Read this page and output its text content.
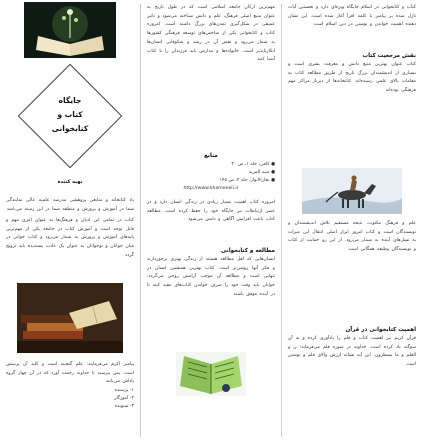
کتاب و کتابخوانی در اسلام جایگاه ویژه‌ای دارد و نخستین آیات نازل شده بر پیامبر با کلمه اقرأ آغاز شده است. این نشان دهنده اهمیت خواندن و نوشتن در دین اسلام است

نقش مرجعیت کتاب

کتاب عنوان بهترین منبع دانش و معرفت بشری است و بسیاری از اندیشمندان بزرگ تاریخ از طریق مطالعه کتاب به مقامات بالای علمی رسیده‌اند. کتابخانه‌ها از دیرباز مراکز مهم فرهنگی بوده‌اند

علم و فرهنگ مکتوب، نتیجه مستقیم تلاش اندیشمندان و نویسندگان است و کتاب امروز ابزار اصلی انتقال این میراث به نسل‌های آینده به شمار می‌رود. از این رو حمایت از کتاب و نویسندگان وظیفه همگانی است

اهمیت کتابخوانی در قرآن

قرآن کریم نیز اهمیت کتاب و قلم را یادآوری کرده و به آن سوگند یاد کرده است. خداوند در سوره قلم می‌فرماید: ن و القلم و ما یسطرون. این آیه نشانه ارزش والای قلم و نوشتن است

مهم‌ترین ارکان جامعه اسلامی است که در طول تاریخ به عنوان منبع اصلی فرهنگ، علم و دانش شناخته می‌شود و تاثیر عمیقی در شکل‌گیری تمدن‌های بزرگ داشته است. امروزه کتاب و کتابخوانی یکی از شاخص‌های توسعه فرهنگی کشورها به شمار می‌رود و نقش آن در رشد و شکوفایی انسان‌ها انکارناپذیر است. خانواده‌ها و مدارس باید فرزندان را با کتاب آشنا کنند

منابع

● کافی، جلد ۱، ص ۳۰
● منیه المرید
● بحارالانوار، جلد ۲، ص ۱۴۵

http://www.khameneii.ir

امروزه کتاب اهمیت بسیار زیادی در زندگی انسان دارد و در عصر ارتباطات نیز جایگاه خود را حفظ کرده است. مطالعه کتاب باعث افزایش آگاهی و دانش می‌شود

مطالعه و کتابخوانی

انسان‌هایی که اهل مطالعه هستند از زندگی بهتری برخوردارند و فکر آنها روشن‌تر است. کتاب بهترین همنشین انسان در تنهایی است و مطالعه آن موجب آرامش روحی می‌گردد. جوانان باید وقت خود را صرف خواندن کتاب‌های مفید کنند تا در آینده موفق باشند

جایگاه
کتاب و
کتابخوانی

تهیه کننده

یاد کتابخانه و منابعی پژوهشی مدرسه علمیه عالی نمایندگی شما در آموزش و پرورش و منطقه شما در این زمینه می‌باشد

کتاب در تمامی این ادیان و فرهنگ‌ها به عنوان امری مهم و قابل توجه است و آموزش کتاب در جامعه یکی از مهم‌ترین پایه‌های آموزش و پرورش به شمار می‌رود و کتاب خوانی در میان جوانان و نوجوانان به عنوان یک عادت پسندیده باید ترویج گردد

پیامبر اکرم می‌فرمایند: علم گنجینه است و کلید آن پرسش است. پس بپرسید تا خداوند رحمت آورد که در آن چهار گروه پاداش می‌یابند

۱- پرسنده
۲- آموزگار
۳- شنونده
